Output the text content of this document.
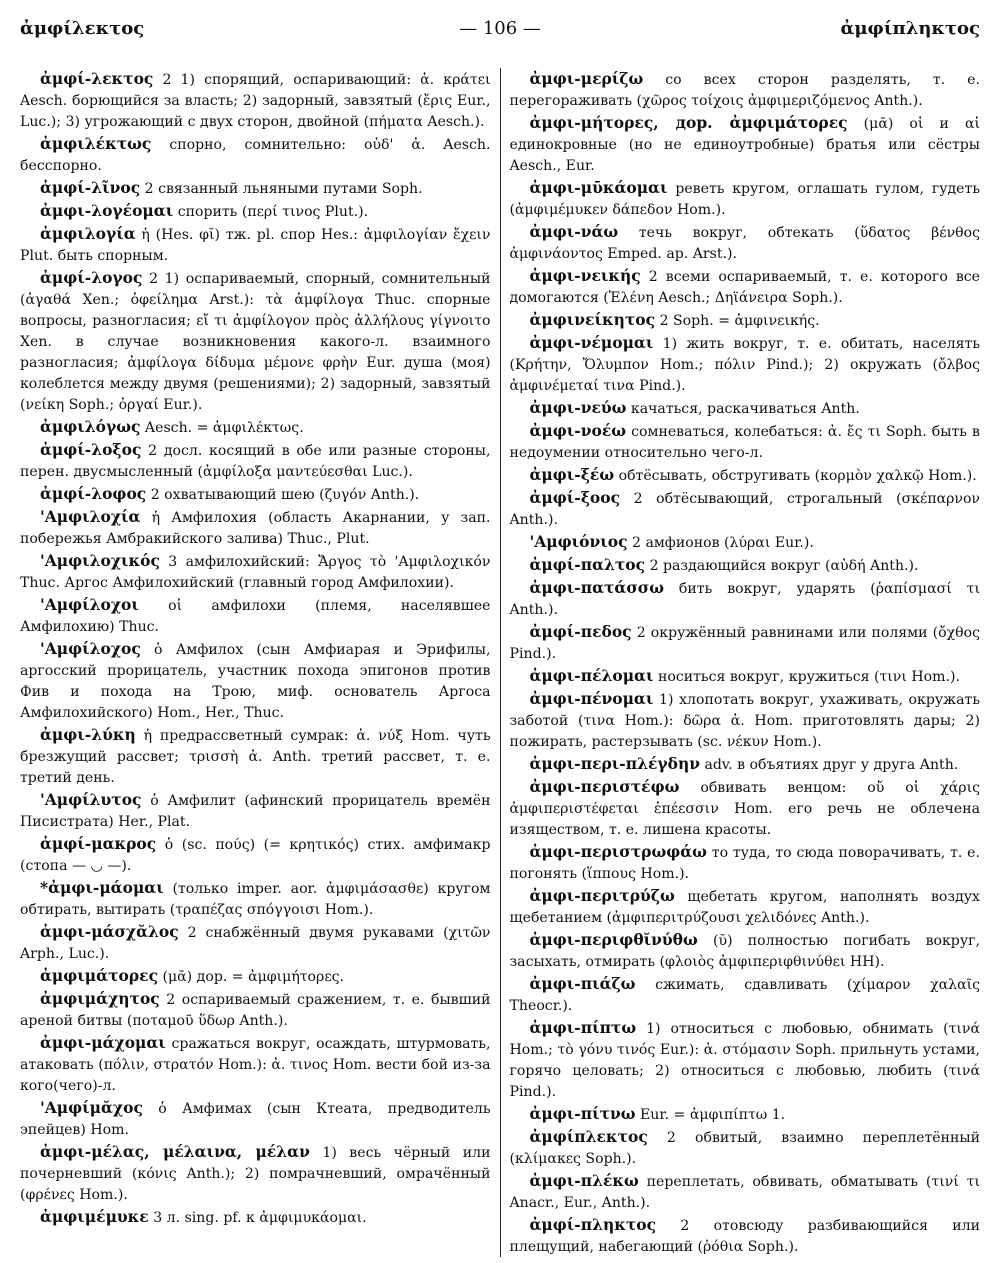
ἀμφίλεκτος	— 106 —	ἀμφίπληκτος

ἀμφί-λεκτος 2 1) спорящий, оспаривающий: ἀ. κράτει Aesch. борющийся за власть; 2) задорный, завзятый (ἔρις Eur., Luc.); 3) угрожающий с двух сторон, двойной (πήματα Aesch.).

ἀμφιλέκτως спорно, сомнительно: οὐδ' ἀ. Aesch. бесспорно.

ἀμφί-λῖνος 2 связанный льняными путами Soph.

ἀμφι-λογέομαι спорить (περί τινος Plut.).

ἀμφιλογία ἡ (Hes. φῐ) тж. pl. спор Hes.: ἀμφιλογίαν ἔχειν Plut. быть спорным.

ἀμφί-λογος 2 1) оспариваемый, спорный, сомнительный (ἀγαθά Xen.; ὀφείλημα Arst.): τὰ ἀμφίλογα Thuc. спорные вопросы, разногласия; εἴ τι ἀμφίλογον πρὸς ἀλλήλους γίγνοιτο Xen. в случае возникновения какого-л. взаимного разногласия; ἀμφίλογα δίδυμα μέμονε φρὴν Eur. душа (моя) колеблется между двумя (решениями); 2) задорный, завзятый (νείκη Soph.; ὀργαί Eur.).

ἀμφιλόγως Aesch. = ἀμφιλέκτως.

ἀμφί-λοξος 2 досл. косящий в обе или разные стороны, перен. двусмысленный (ἀμφίλοξα μαντεύεσθαι Luc.).

ἀμφί-λοφος 2 охватывающий шею (ζυγόν Anth.).

'Αμφιλοχία ἡ Амфилохия (область Акарнании, у зап. побережья Амбракийского залива) Thuc., Plut.

'Αμφιλοχικός 3 амфилохийский: Ἄργος τὸ 'Αμφιλοχικόν Thuc. Аргос Амфилохийский (главный город Амфилохии).

'Αμφίλοχοι οἱ амфилохи (племя, населявшее Амфилохию) Thuc.

'Αμφίλοχος ὁ Амфилох (сын Амфиарая и Эрифилы, аргосский прорицатель, участник похода эпигонов против Фив и похода на Трою, миф. основатель Аргоса Амфилохийского) Hom., Her., Thuc.

ἀμφι-λύκη ἡ предрассветный сумрак: ἀ. νύξ Hom. чуть брезжущий рассвет; τρισσὴ ἀ. Anth. третий рассвет, т. е. третий день.

'Αμφίλυτος ὁ Амфилит (афинский прорицатель времён Писистрата) Her., Plat.

ἀμφί-μακρος ὁ (sc. πούς) (= κρητικός) стих. амфимакр (стопа — ◡ —).

*ἀμφι-μάομαι (только imper. aor. ἀμφιμάσασθε) кругом обтирать, вытирать (τραπέζας σπόγγοισι Hom.).

ἀμφι-μάσχᾰλος 2 снабжённый двумя рукавами (χιτῶν Arph., Luc.).

ἀμφιμάτορες (μᾱ) дор. = ἀμφιμήτορες.

ἀμφιμάχητος 2 оспариваемый сражением, т. е. бывший ареной битвы (ποταμοῦ ὕδωρ Anth.).

ἀμφι-μάχομαι сражаться вокруг, осаждать, штурмовать, атаковать (πόλιν, στρατόν Hom.): ἀ. τινος Hom. вести бой из-за кого(чего)-л.

'Αμφίμᾰχος ὁ Амфимах (сын Ктеата, предводитель эпейцев) Hom.

ἀμφι-μέλας, μέλαινα, μέλαν 1) весь чёрный или почерневший (κόνις Anth.); 2) помрачневший, омрачённый (φρένες Hom.).

ἀμφιμέμυκε 3 л. sing. pf. к ἀμφιμυκάομαι.

ἀμφι-μερίζω со всех сторон разделять, т. е. перегораживать (χῶρος τοίχοις ἀμφιμεριζόμενος Anth.).

ἀμφι-μήτορες, дор. ἀμφιμάτορες (μᾱ) οἱ и αἱ единокровные (но не единоутробные) братья или сёстры Aesch., Eur.

ἀμφι-μῡκάομαι реветь кругом, оглашать гулом, гудеть (ἀμφιμέμυκεν δάπεδον Hom.).

ἀμφι-νάω течь вокруг, обтекать (ὕδατος βένθος ἀμφινάοντος Emped. ap. Arst.).

ἀμφι-νεικής 2 всеми оспариваемый, т. е. которого все домогаются (Ἑλένη Aesch.; Δηϊάνειρα Soph.).

ἀμφινείκητος 2 Soph. = ἀμφινεικής.

ἀμφι-νέμομαι 1) жить вокруг, т. е. обитать, населять (Κρήτην, Ὄλυμπον Hom.; πόλιν Pind.); 2) окружать (ὄλβος ἀμφινέμεταί τινα Pind.).

ἀμφι-νεύω качаться, раскачиваться Anth.

ἀμφι-νοέω сомневаться, колебаться: ἀ. ἔς τι Soph. быть в недоумении относительно чего-л.

ἀμφι-ξέω обтёсывать, обстругивать (κορμὸν χαλκῷ Hom.).

ἀμφί-ξοος 2 обтёсывающий, строгальный (σκέπαρνον Anth.).

'Αμφιόνιος 2 амфионов (λύραι Eur.).

ἀμφί-παλτος 2 раздающийся вокруг (αὐδή Anth.).

ἀμφι-πατάσσω бить вокруг, ударять (ῥαπίσμασί τι Anth.).

ἀμφί-πεδος 2 окружённый равнинами или полями (ὄχθος Pind.).

ἀμφι-πέλομαι носиться вокруг, кружиться (τινι Hom.).

ἀμφι-πένομαι 1) хлопотать вокруг, ухаживать, окружать заботой (τινα Hom.): δῶρα ἀ. Hom. приготовлять дары; 2) пожирать, растерзывать (sc. νέκυν Hom.).

ἀμφι-περι-πλέγδην adv. в объятиях друг у друга Anth.

ἀμφι-περιστέφω обвивать венцом: οὔ οἱ χάρις ἀμφιπεριστέφεται ἐπέεσσιν Hom. его речь не облечена изяществом, т. е. лишена красоты.

ἀμφι-περιστρωφάω то туда, то сюда поворачивать, т. е. погонять (ἵππους Hom.).

ἀμφι-περιτρύζω щебетать кругом, наполнять воздух щебетанием (ἀμφιπεριτρύζουσι χελιδόνες Anth.).

ἀμφι-περιφθῐνύθω (ῠ) полностью погибать вокруг, засыхать, отмирать (φλοιὸς ἀμφιπεριφθινύθει HH).

ἀμφι-πιάζω сжимать, сдавливать (χίμαρον χαλαῖς Theocr.).

ἀμφι-πίπτω 1) относиться с любовью, обнимать (τινά Hom.; τὸ γόνυ τινός Eur.): ἀ. στόμασιν Soph. прильнуть устами, горячо целовать; 2) относиться с любовью, любить (τινά Pind.).

ἀμφι-πίτνω Eur. = ἀμφιπίπτω 1.

ἀμφίπλεκτος 2 обвитый, взаимно переплетённый (κλίμακες Soph.).

ἀμφι-πλέκω переплетать, обвивать, обматывать (τινί τι Anacr., Eur., Anth.).

ἀμφί-πληκτος 2 отовсюду разбивающийся или плещущий, набегающий (ῥόθια Soph.).
